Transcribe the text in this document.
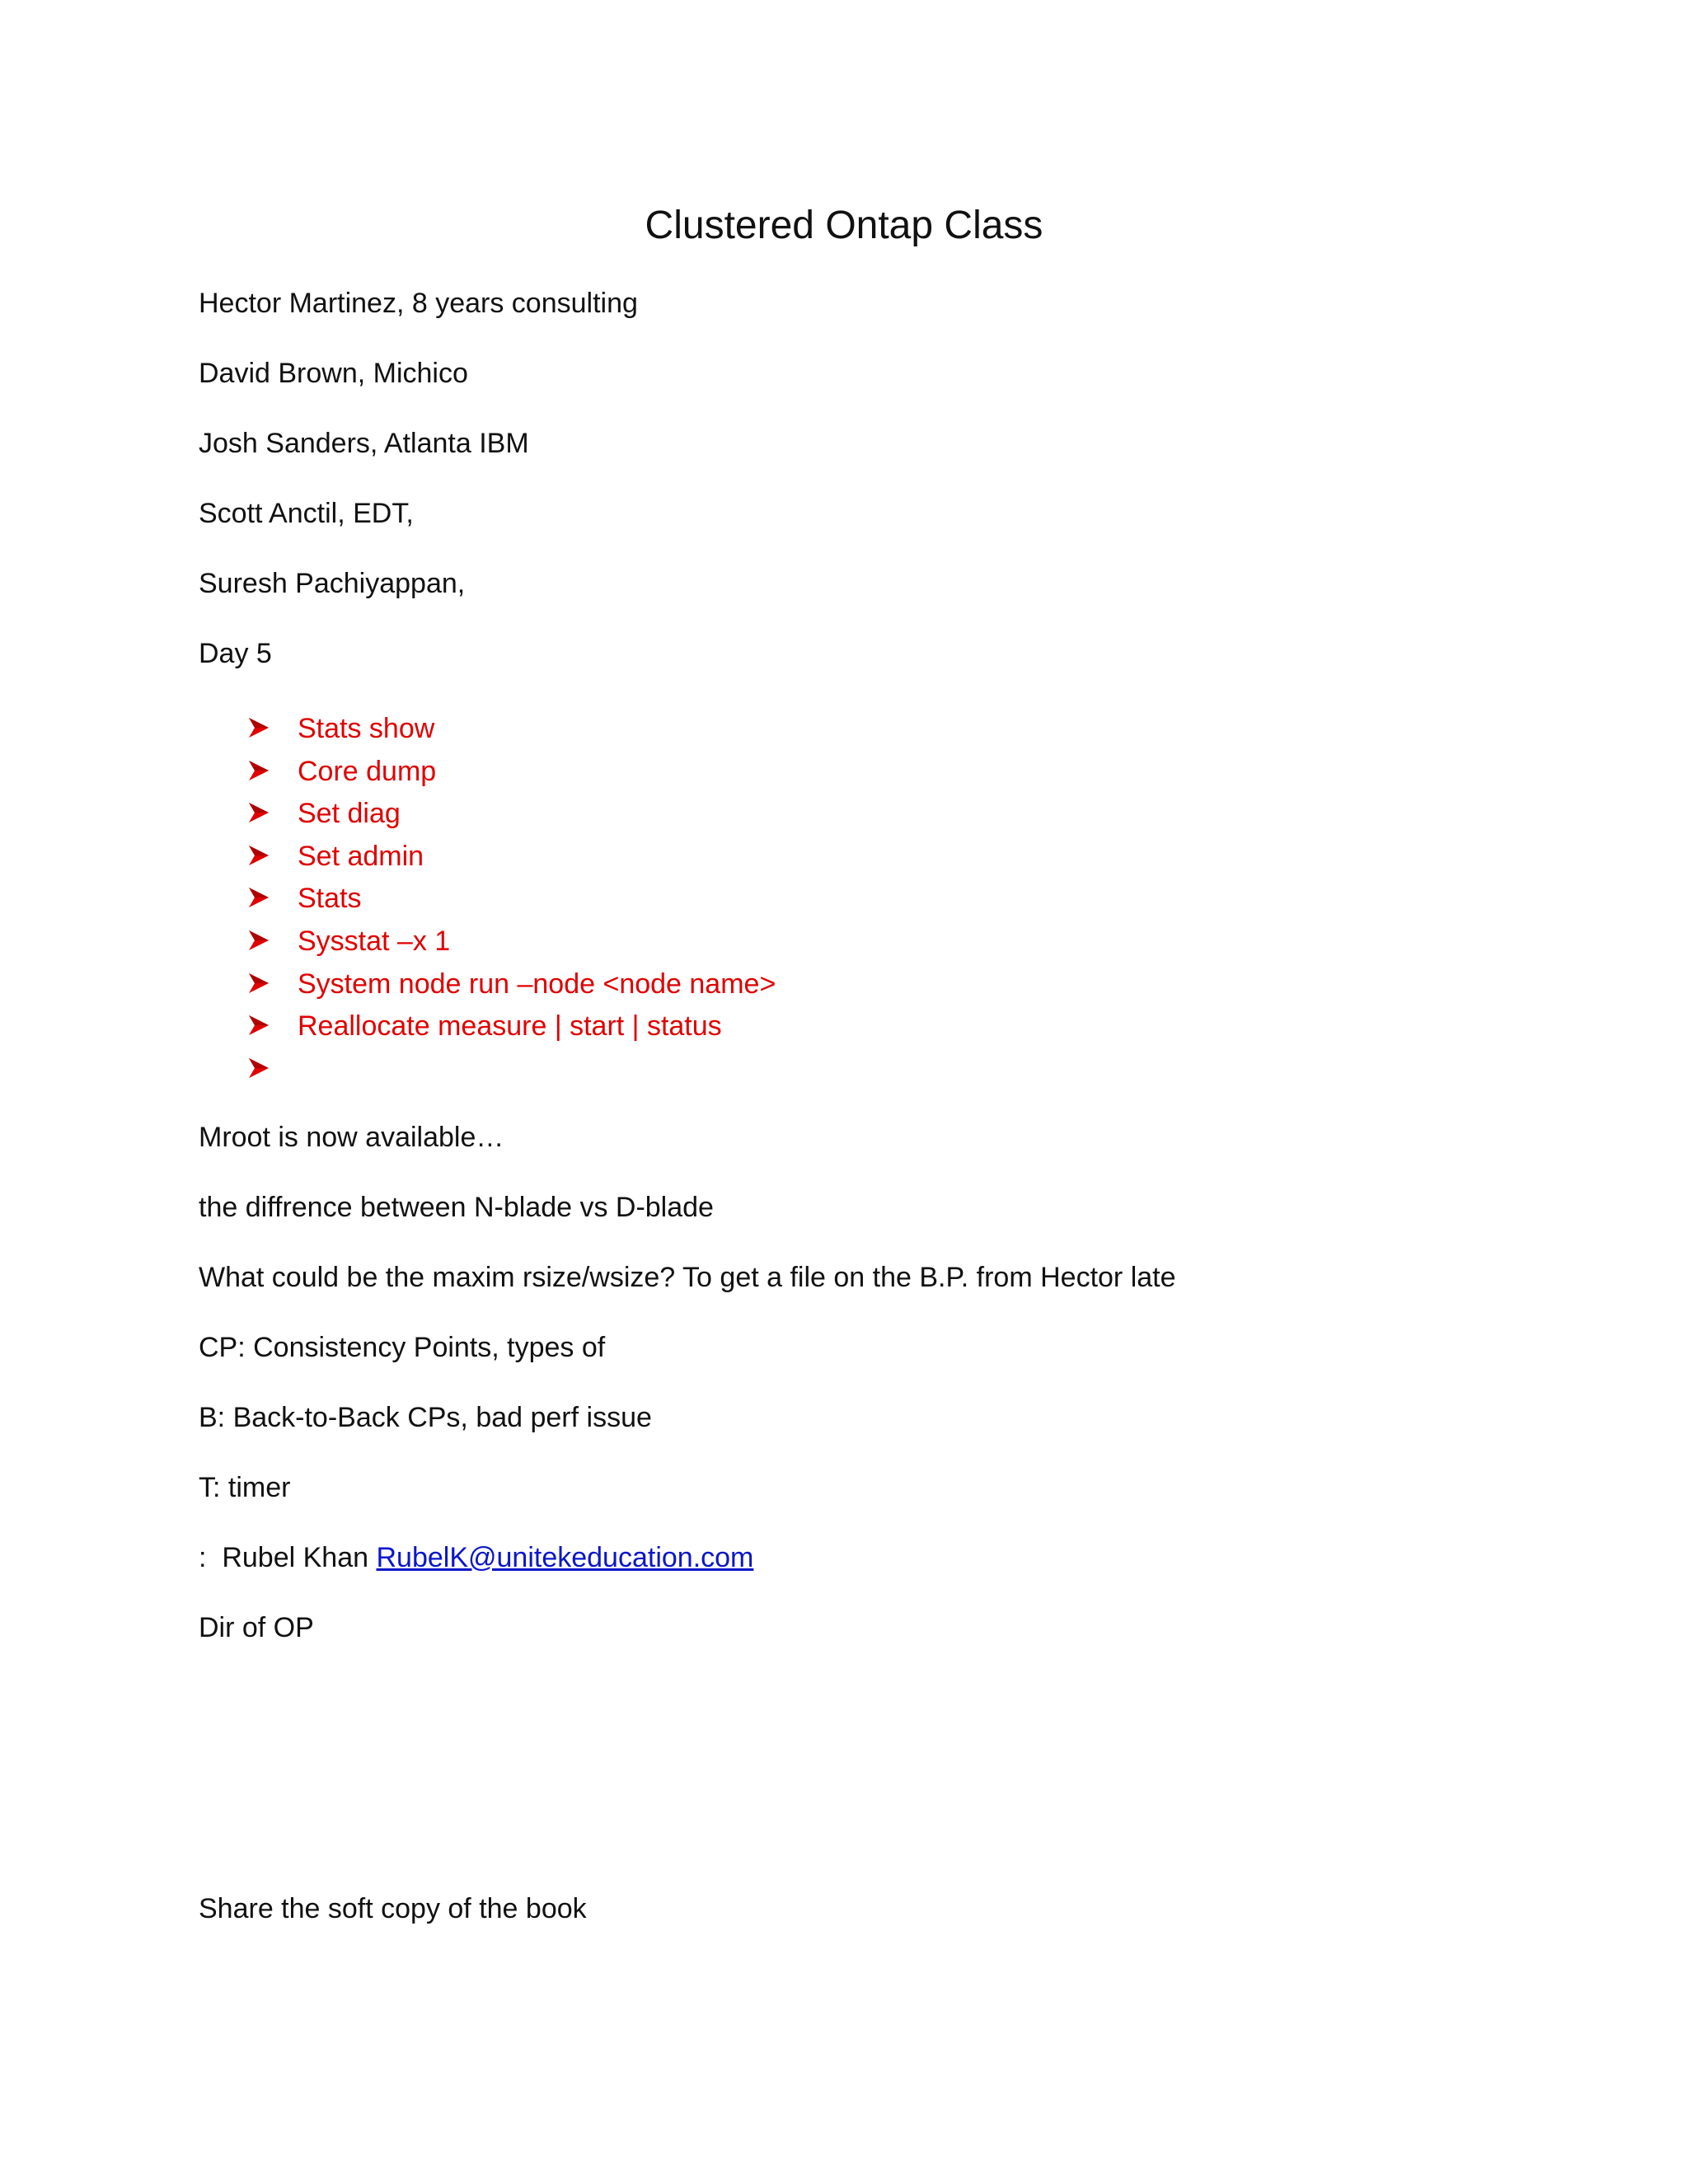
Clustered Ontap Class
Hector Martinez, 8 years consulting
David Brown, Michico
Josh Sanders, Atlanta IBM
Scott Anctil, EDT,
Suresh Pachiyappan,
Day 5
Stats show
Core dump
Set diag
Set admin
Stats
Sysstat –x 1
System node run –node <node name>
Reallocate measure | start | status
Mroot is now available…
the diffrence between N-blade vs D-blade
What could be the maxim rsize/wsize? To get a file on the B.P. from Hector late
CP: Consistency Points, types of
B: Back-to-Back CPs, bad perf issue
T: timer
:  Rubel Khan RubelK@unitekeducation.com
Dir of OP
Share the soft copy of the book
